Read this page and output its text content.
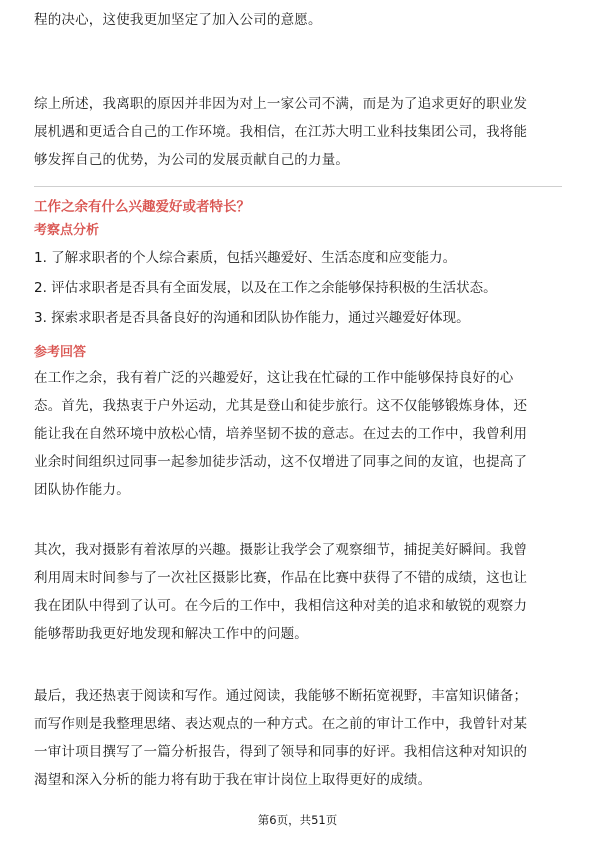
程的决心，这使我更加坚定了加入公司的意愿。
综上所述，我离职的原因并非因为对上一家公司不满，而是为了追求更好的职业发
展机遇和更适合自己的工作环境。我相信，在江苏大明工业科技集团公司，我将能
够发挥自己的优势，为公司的发展贡献自己的力量。
工作之余有什么兴趣爱好或者特长？
考察点分析
1. 了解求职者的个人综合素质，包括兴趣爱好、生活态度和应变能力。
2. 评估求职者是否具有全面发展，以及在工作之余能够保持积极的生活状态。
3. 探索求职者是否具备良好的沟通和团队协作能力，通过兴趣爱好体现。
参考回答
在工作之余，我有着广泛的兴趣爱好，这让我在忙碌的工作中能够保持良好的心
态。首先，我热衷于户外运动，尤其是登山和徒步旅行。这不仅能够锻炼身体，还
能让我在自然环境中放松心情，培养坚韧不拔的意志。在过去的工作中，我曾利用
业余时间组织过同事一起参加徒步活动，这不仅增进了同事之间的友谊，也提高了
团队协作能力。
其次，我对摄影有着浓厚的兴趣。摄影让我学会了观察细节，捕捉美好瞬间。我曾
利用周末时间参与了一次社区摄影比赛，作品在比赛中获得了不错的成绩，这也让
我在团队中得到了认可。在今后的工作中，我相信这种对美的追求和敏锐的观察力
能够帮助我更好地发现和解决工作中的问题。
最后，我还热衷于阅读和写作。通过阅读，我能够不断拓宽视野，丰富知识储备；
而写作则是我整理思绪、表达观点的一种方式。在之前的审计工作中，我曾针对某
一审计项目撰写了一篇分析报告，得到了领导和同事的好评。我相信这种对知识的
渴望和深入分析的能力将有助于我在审计岗位上取得更好的成绩。
第6页，共51页
